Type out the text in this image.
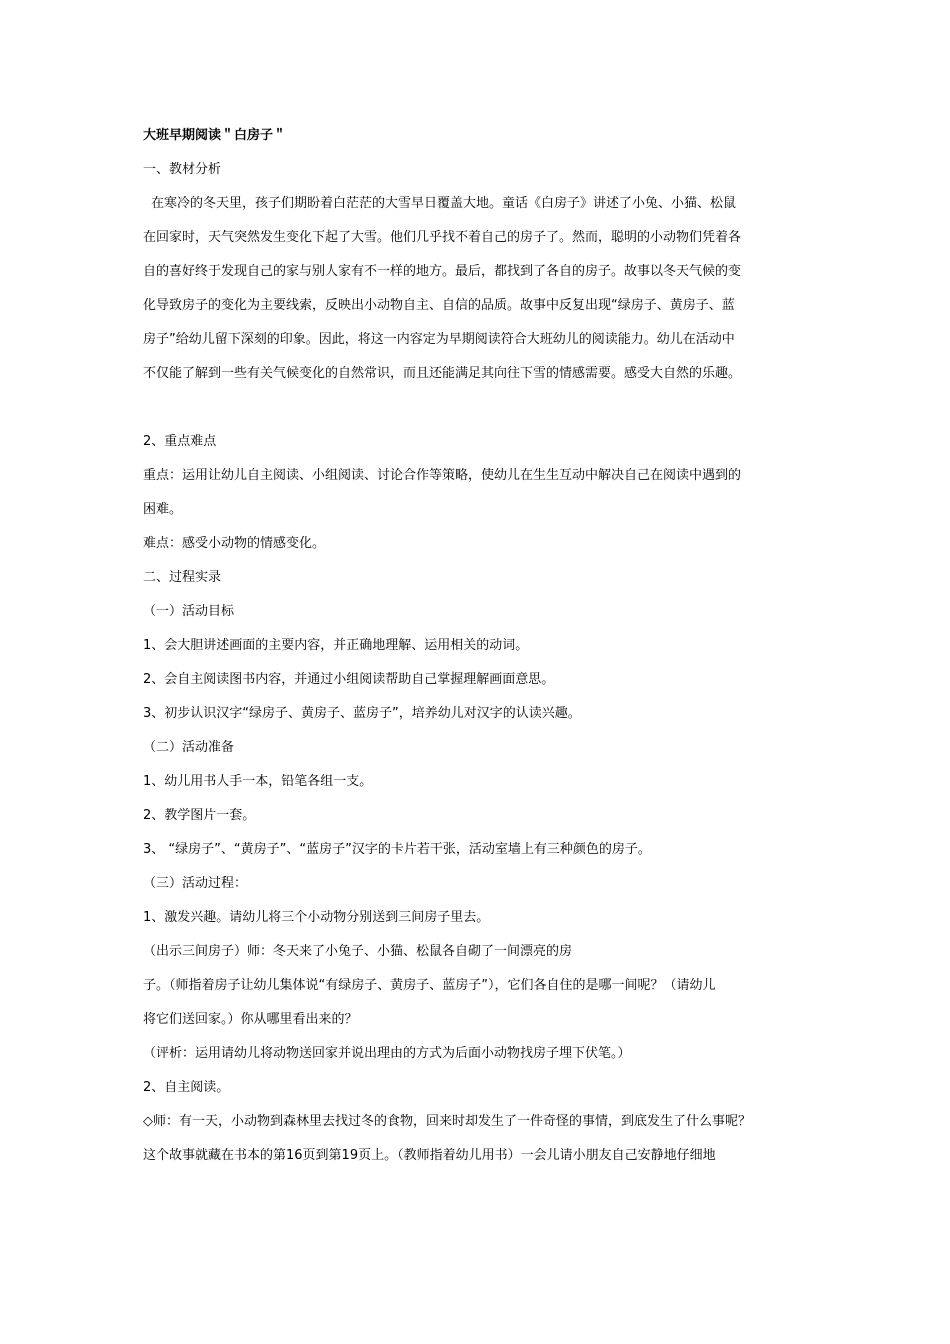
大班早期阅读＂白房子＂

一、教材分析

在寒冷的冬天里，孩子们期盼着白茫茫的大雪早日覆盖大地。童话《白房子》讲述了小兔、小猫、松鼠

在回家时，天气突然发生变化下起了大雪。他们几乎找不着自己的房子了。然而，聪明的小动物们凭着各

自的喜好终于发现自己的家与别人家有不一样的地方。最后，都找到了各自的房子。故事以冬天气候的变

化导致房子的变化为主要线索，反映出小动物自主、自信的品质。故事中反复出现“绿房子、黄房子、蓝

房子”给幼儿留下深刻的印象。因此，将这一内容定为早期阅读符合大班幼儿的阅读能力。幼儿在活动中

不仅能了解到一些有关气候变化的自然常识，而且还能满足其向往下雪的情感需要。感受大自然的乐趣。

2、重点难点

重点：运用让幼儿自主阅读、小组阅读、讨论合作等策略，使幼儿在生生互动中解决自己在阅读中遇到的

困难。

难点：感受小动物的情感变化。

二、过程实录

（一）活动目标

1、会大胆讲述画面的主要内容，并正确地理解、运用相关的动词。

2、会自主阅读图书内容，并通过小组阅读帮助自己掌握理解画面意思。

3、初步认识汉字“绿房子、黄房子、蓝房子”，培养幼儿对汉字的认读兴趣。

（二）活动准备

1、幼儿用书人手一本，铅笔各组一支。

2、教学图片一套。

3、 “绿房子”、“黄房子”、“蓝房子”汉字的卡片若干张，活动室墙上有三种颜色的房子。

（三）活动过程：

1、激发兴趣。请幼儿将三个小动物分别送到三间房子里去。

（出示三间房子）师：冬天来了小兔子、小猫、松鼠各自砌了一间漂亮的房

子。（师指着房子让幼儿集体说“有绿房子、黄房子、蓝房子”），它们各自住的是哪一间呢？（请幼儿

将它们送回家。）你从哪里看出来的？

（评析：运用请幼儿将动物送回家并说出理由的方式为后面小动物找房子埋下伏笔。）

2、自主阅读。

◇师：有一天，小动物到森林里去找过冬的食物，回来时却发生了一件奇怪的事情，到底发生了什么事呢？

这个故事就藏在书本的第16页到第19页上。（教师指着幼儿用书）一会儿请小朋友自己安静地仔细地
